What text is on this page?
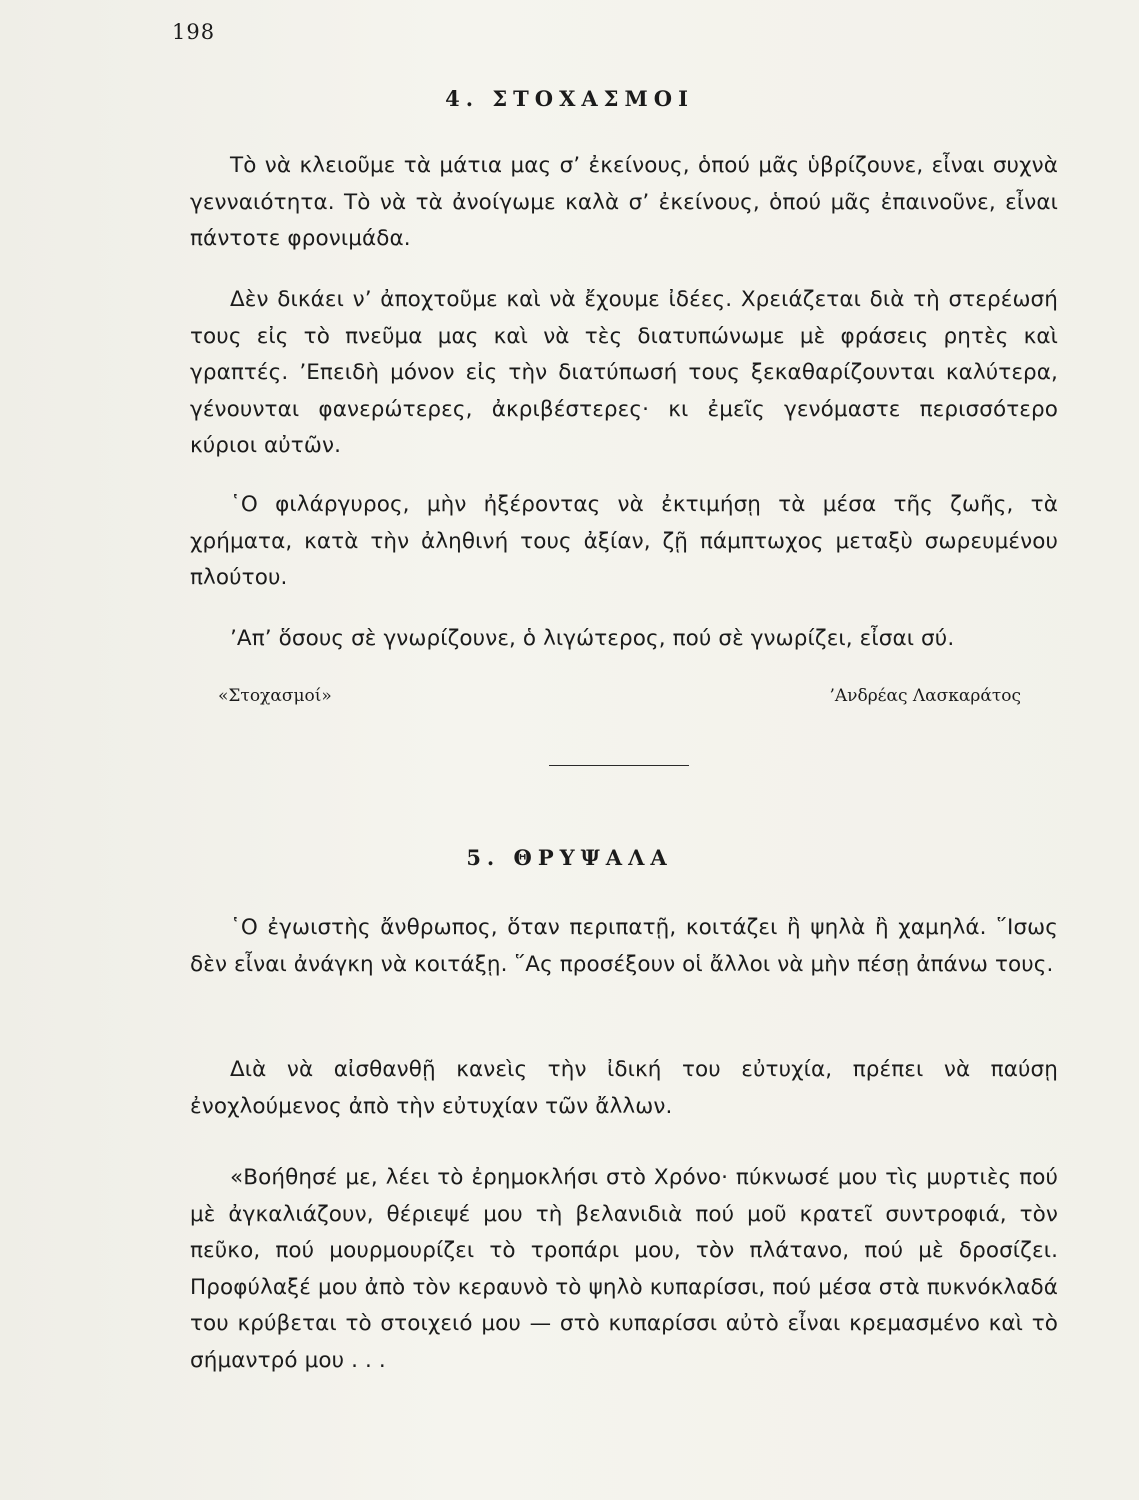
198
4. ΣΤΟΧΑΣΜΟΙ

Τὸ νὰ κλειοῦμε τὰ μάτια μας σ’ ἐκείνους, ὁπού μᾶς ὑβρίζουνε, εἶναι συχνὰ γενναιότητα. Τὸ νὰ τὰ ἀνοίγωμε καλὰ σ’ ἐκείνους, ὁπού μᾶς ἐπαινοῦνε, εἶναι πάντοτε φρονιμάδα.

Δὲν δικάει ν’ ἀποχτοῦμε καὶ νὰ ἔχουμε ἰδέες. Χρειάζεται διὰ τὴ στερέωσή τους εἰς τὸ πνεῦμα μας καὶ νὰ τὲς διατυπώνωμε μὲ φράσεις ρητὲς καὶ γραπτές. ’Επειδὴ μόνον εἰς τὴν διατύπωσή τους ξεκαθαρίζουνται καλύτερα, γένουνται φανερώτερες, ἀκριβέστερες· κι ἐμεῖς γενόμαστε περισσότερο κύριοι αὐτῶν.

῾Ο φιλάργυρος, μὴν ἠξέροντας νὰ ἐκτιμήσῃ τὰ μέσα τῆς ζωῆς, τὰ χρήματα, κατὰ τὴν ἀληθινή τους ἀξίαν, ζῇ πάμπτωχος μεταξὺ σωρευμένου πλούτου.

’Απ’ ὅσους σὲ γνωρίζουνε, ὁ λιγώτερος, πού σὲ γνωρίζει, εἶσαι σύ.

«Στοχασμοί»	’Ανδρέας Λασκαράτος
5. ΘΡΥΨΑΛΑ

῾Ο ἐγωιστὴς ἄνθρωπος, ὅταν περιπατῇ, κοιτάζει ἢ ψηλὰ ἢ χαμηλά. ῞Ισως δὲν εἶναι ἀνάγκη νὰ κοιτάξῃ. ῞Ας προσέξουν οἱ ἄλλοι νὰ μὴν πέσῃ ἀπάνω τους.

Διὰ νὰ αἰσθανθῇ κανεὶς τὴν ἰδική του εὐτυχία, πρέπει νὰ παύσῃ ἐνοχλούμενος ἀπὸ τὴν εὐτυχίαν τῶν ἄλλων.

«Βοήθησέ με, λέει τὸ ἐρημοκλήσι στὸ Χρόνο· πύκνωσέ μου τὶς μυρτιὲς πού μὲ ἀγκαλιάζουν, θέριεψέ μου τὴ βελανιδιὰ πού μοῦ κρατεῖ συντροφιά, τὸν πεῦκο, πού μουρμουρίζει τὸ τροπάρι μου, τὸν πλάτανο, πού μὲ δροσίζει. Προφύλαξέ μου ἀπὸ τὸν κεραυνὸ τὸ ψηλὸ κυπαρίσσι, πού μέσα στὰ πυκνόκλαδά του κρύβεται τὸ στοιχειό μου — στὸ κυπαρίσσι αὐτὸ εἶναι κρεμασμένο καὶ τὸ σήμαντρό μου . . .
